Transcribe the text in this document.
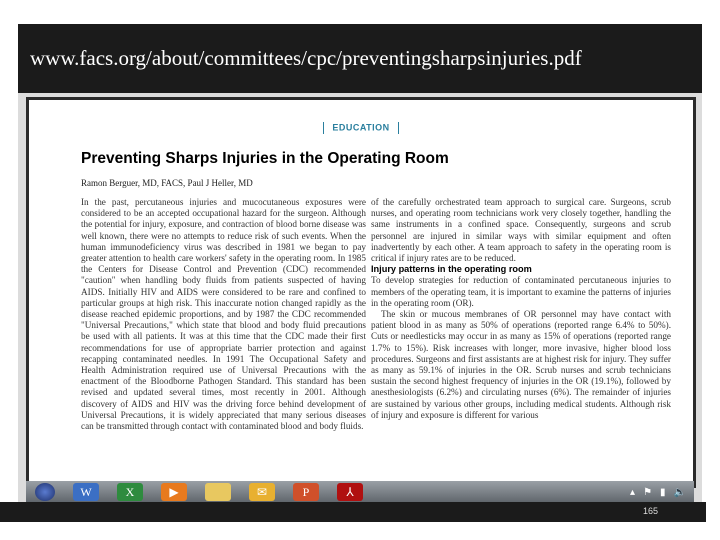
www.facs.org/about/committees/cpc/preventingsharpsinjuries.pdf
EDUCATION
Preventing Sharps Injuries in the Operating Room
Ramon Berguer, MD, FACS, Paul J Heller, MD

In the past, percutaneous injuries and mucocutaneous exposures were considered to be an accepted occupational hazard for the surgeon. Although the potential for injury, exposure, and contraction of blood borne disease was well known, there were no attempts to reduce risk of such events. When the human immunodeficiency virus was described in 1981 we began to pay greater attention to health care workers' safety in the operating room. In 1985 the Centers for Disease Control and Prevention (CDC) recommended "caution" when handling body fluids from patients suspected of having AIDS. Initially HIV and AIDS were considered to be rare and confined to particular groups at high risk. This inaccurate notion changed rapidly as the disease reached epidemic proportions, and by 1987 the CDC recommended "Universal Precautions," which state that blood and body fluid precautions be used with all patients. It was at this time that the CDC made their first recommendations for use of appropriate barrier protection and against recapping contaminated needles. In 1991 The Occupational Safety and Health Administration required use of Universal Precautions with the enactment of the Bloodborne Pathogen Standard. This standard has been revised and updated several times, most recently in 2001. Although discovery of AIDS and HIV was the driving force behind development of Universal Precautions, it is widely appreciated that many serious diseases can be transmitted through contact with contaminated blood and body fluids.

of the carefully orchestrated team approach to surgical care. Surgeons, scrub nurses, and operating room technicians work very closely together, handling the same instruments in a confined space. Consequently, surgeons and scrub personnel are injured in similar ways with similar equipment and often inadvertently by each other. A team approach to safety in the operating room is critical if injury rates are to be reduced.

Injury patterns in the operating room

To develop strategies for reduction of contaminated percutaneous injuries to members of the operating team, it is important to examine the patterns of injuries in the operating room (OR).

The skin or mucous membranes of OR personnel may have contact with patient blood in as many as 50% of operations (reported range 6.4% to 50%). Cuts or needlesticks may occur in as many as 15% of operations (reported range 1.7% to 15%). Risk increases with longer, more invasive, higher blood loss procedures. Surgeons and first assistants are at highest risk for injury. They suffer as many as 59.1% of injuries in the OR. Scrub nurses and scrub technicians sustain the second highest frequency of injuries in the OR (19.1%), followed by anesthesiologists (6.2%) and circulating nurses (6%). The remainder of injuries are sustained by various other groups, including medical students. Although risk of injury and exposure is different for various

W	X	▶	✉	P	⅄	▴ ⚑ ▮ 🔈
165
